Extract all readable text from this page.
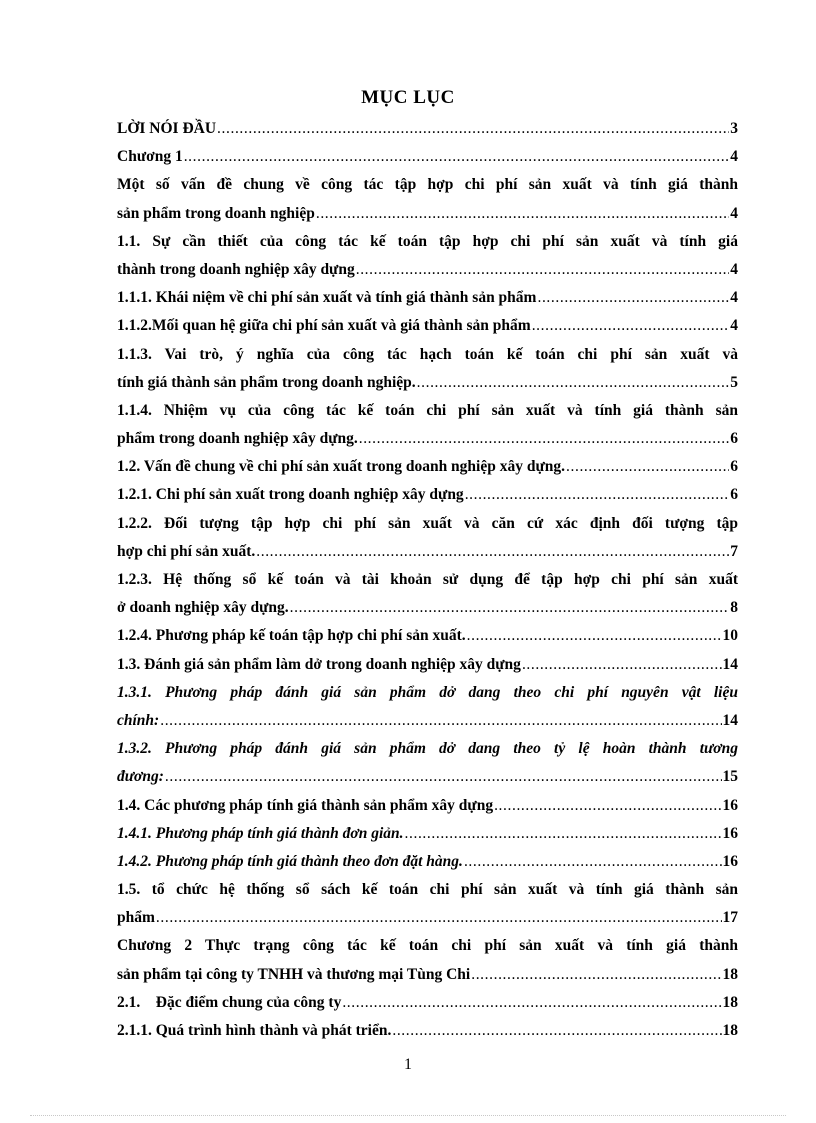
MỤC LỤC
LỜI NÓI ĐẦU .....	3
Chương 1 .....	4
Một số vấn đề chung về công tác tập hợp chi phí sản xuất và tính giá thành
sản phẩm trong doanh nghiệp .....	4
1.1. Sự cần thiết của công tác kế toán tập hợp chi phí sản xuất và tính giá
thành trong doanh nghiệp xây dựng .....	4
1.1.1. Khái niệm về chi phí sản xuất và tính giá thành sản phẩm .....	4
1.1.2.Mối quan hệ giữa chi phí sản xuất và giá thành sản phẩm .....	4
1.1.3. Vai trò, ý nghĩa của công tác hạch toán kế toán chi phí sản xuất và
tính giá thành sản phẩm trong doanh nghiệp. .....	5
1.1.4. Nhiệm vụ của công tác kế toán chi phí sản xuất và tính giá thành sản
phẩm trong doanh nghiệp xây dựng. .....	6
1.2. Vấn đề chung về chi phí sản xuất trong doanh nghiệp xây dựng. .....	6
1.2.1. Chi phí sản xuất trong doanh nghiệp xây dựng .....	6
1.2.2. Đối tượng tập hợp chi phí sản xuất và căn cứ xác định đối tượng tập
hợp chi phí sản xuất. .....	7
1.2.3. Hệ thống sổ kế toán và tài khoản sử dụng để tập hợp chi phí sản xuất
ở doanh nghiệp xây dựng. .....	8
1.2.4. Phương pháp kế toán tập hợp chi phí sản xuất. .....	10
1.3. Đánh giá sản phẩm làm dở trong doanh nghiệp xây dựng .....	14
1.3.1. Phương pháp đánh giá sản phẩm dở dang theo chi phí nguyên vật liệu
chính: .....	14
1.3.2. Phương pháp đánh giá sản phẩm dở dang theo tỷ lệ hoàn thành tương
đương: .....	15
1.4. Các phương pháp tính giá thành sản phẩm xây dựng .....	16
1.4.1. Phương pháp tính giá thành đơn giản. .....	16
1.4.2. Phương pháp tính giá thành theo đơn đặt hàng. .....	16
1.5. tổ chức hệ thống sổ sách kế toán chi phí sản xuất và tính giá thành sản
phẩm .....	17
Chương 2 Thực trạng công tác kế toán chi phí sản xuất và tính giá thành
sản phẩm tại công ty TNHH và thương mại Tùng Chi .....	18
2.1.    Đặc điểm chung của công ty .....	18
2.1.1. Quá trình hình thành và phát triển. .....	18
1
